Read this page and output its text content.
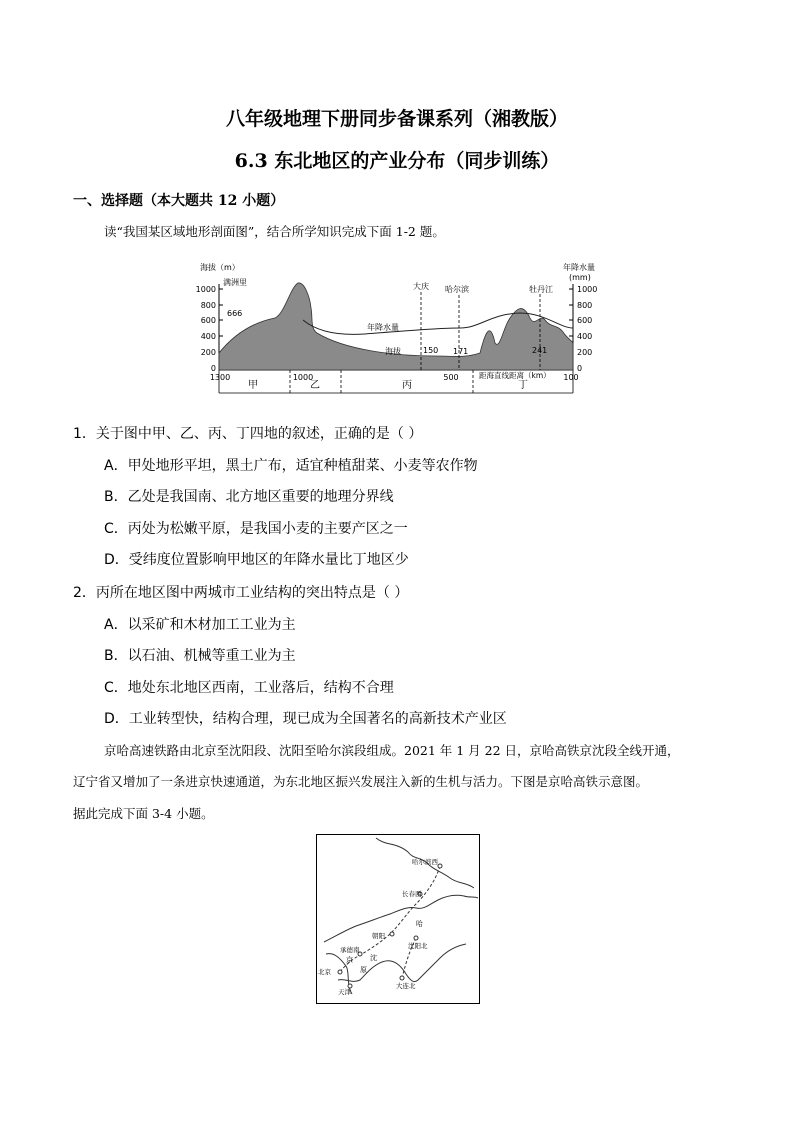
八年级地理下册同步备课系列（湘教版）
6.3 东北地区的产业分布（同步训练）
一、选择题（本大题共 12 小题）
读“我国某区域地形剖面图”，结合所学知识完成下面 1-2 题。
海拔（m）	年降水量
(mm)
1000
800
600
400
200
0
1000
800
600
400
200
0
满洲里	大庆 哈尔滨	牡丹江
666
150 171	241
年降水量
海拔
1300	1000	500	100
距海直线距离（km）
甲	乙	丙	丁
1．关于图中甲、乙、丙、丁四地的叙述，正确的是（ ）
A．甲处地形平坦，黑土广布，适宜种植甜菜、小麦等农作物
B．乙处是我国南、北方地区重要的地理分界线
C．丙处为松嫩平原，是我国小麦的主要产区之一
D．受纬度位置影响甲地区的年降水量比丁地区少
2．丙所在地区图中两城市工业结构的突出特点是（ ）
A．以采矿和木材加工工业为主
B．以石油、机械等重工业为主
C．地处东北地区西南，工业落后，结构不合理
D．工业转型快，结构合理，现已成为全国著名的高新技术产业区
京哈高速铁路由北京至沈阳段、沈阳至哈尔滨段组成。2021 年 1 月 22 日，京哈高铁京沈段全线开通，
辽宁省又增加了一条进京快速通道，为东北地区振兴发展注入新的生机与活力。下图是京哈高铁示意图。
据此完成下面 3-4 小题。
哈尔滨西
长春西
朝阳
沈阳北
承德南
北京
天津
大连北
哈
沈
京
原
